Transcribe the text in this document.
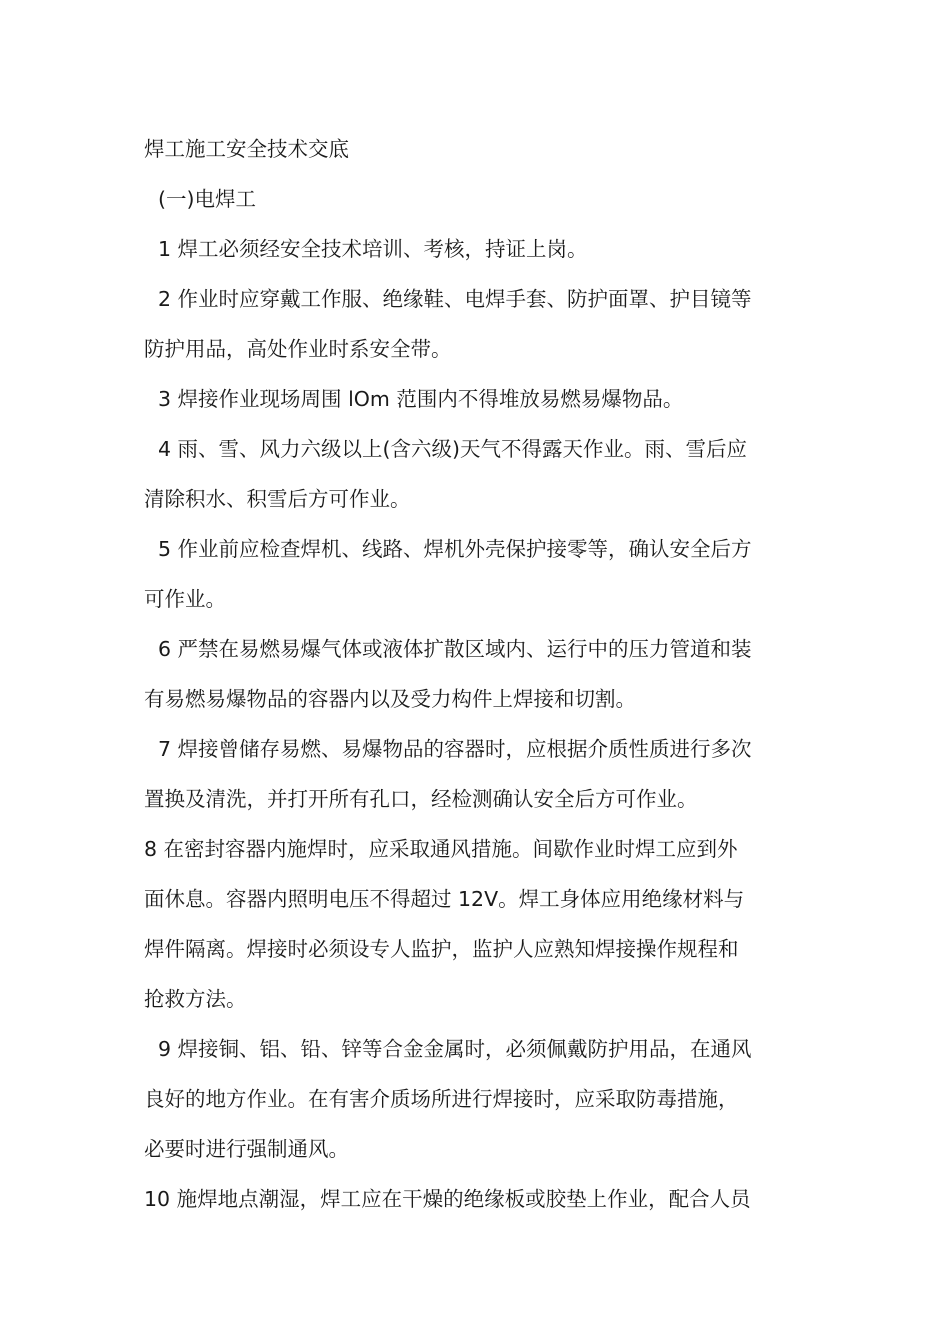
焊工施工安全技术交底
(一)电焊工
1 焊工必须经安全技术培训、考核，持证上岗。
2 作业时应穿戴工作服、绝缘鞋、电焊手套、防护面罩、护目镜等
防护用品，高处作业时系安全带。
3 焊接作业现场周围 lOm 范围内不得堆放易燃易爆物品。
4 雨、雪、风力六级以上(含六级)天气不得露天作业。雨、雪后应
清除积水、积雪后方可作业。
5 作业前应检查焊机、线路、焊机外壳保护接零等，确认安全后方
可作业。
6 严禁在易燃易爆气体或液体扩散区域内、运行中的压力管道和装
有易燃易爆物品的容器内以及受力构件上焊接和切割。
7 焊接曾储存易燃、易爆物品的容器时，应根据介质性质进行多次
置换及清洗，并打开所有孔口，经检测确认安全后方可作业。
8 在密封容器内施焊时，应采取通风措施。间歇作业时焊工应到外
面休息。容器内照明电压不得超过 12V。焊工身体应用绝缘材料与
焊件隔离。焊接时必须设专人监护，监护人应熟知焊接操作规程和
抢救方法。
9 焊接铜、铝、铅、锌等合金金属时，必须佩戴防护用品，在通风
良好的地方作业。在有害介质场所进行焊接时，应采取防毒措施，
必要时进行强制通风。
10 施焊地点潮湿，焊工应在干燥的绝缘板或胶垫上作业，配合人员
